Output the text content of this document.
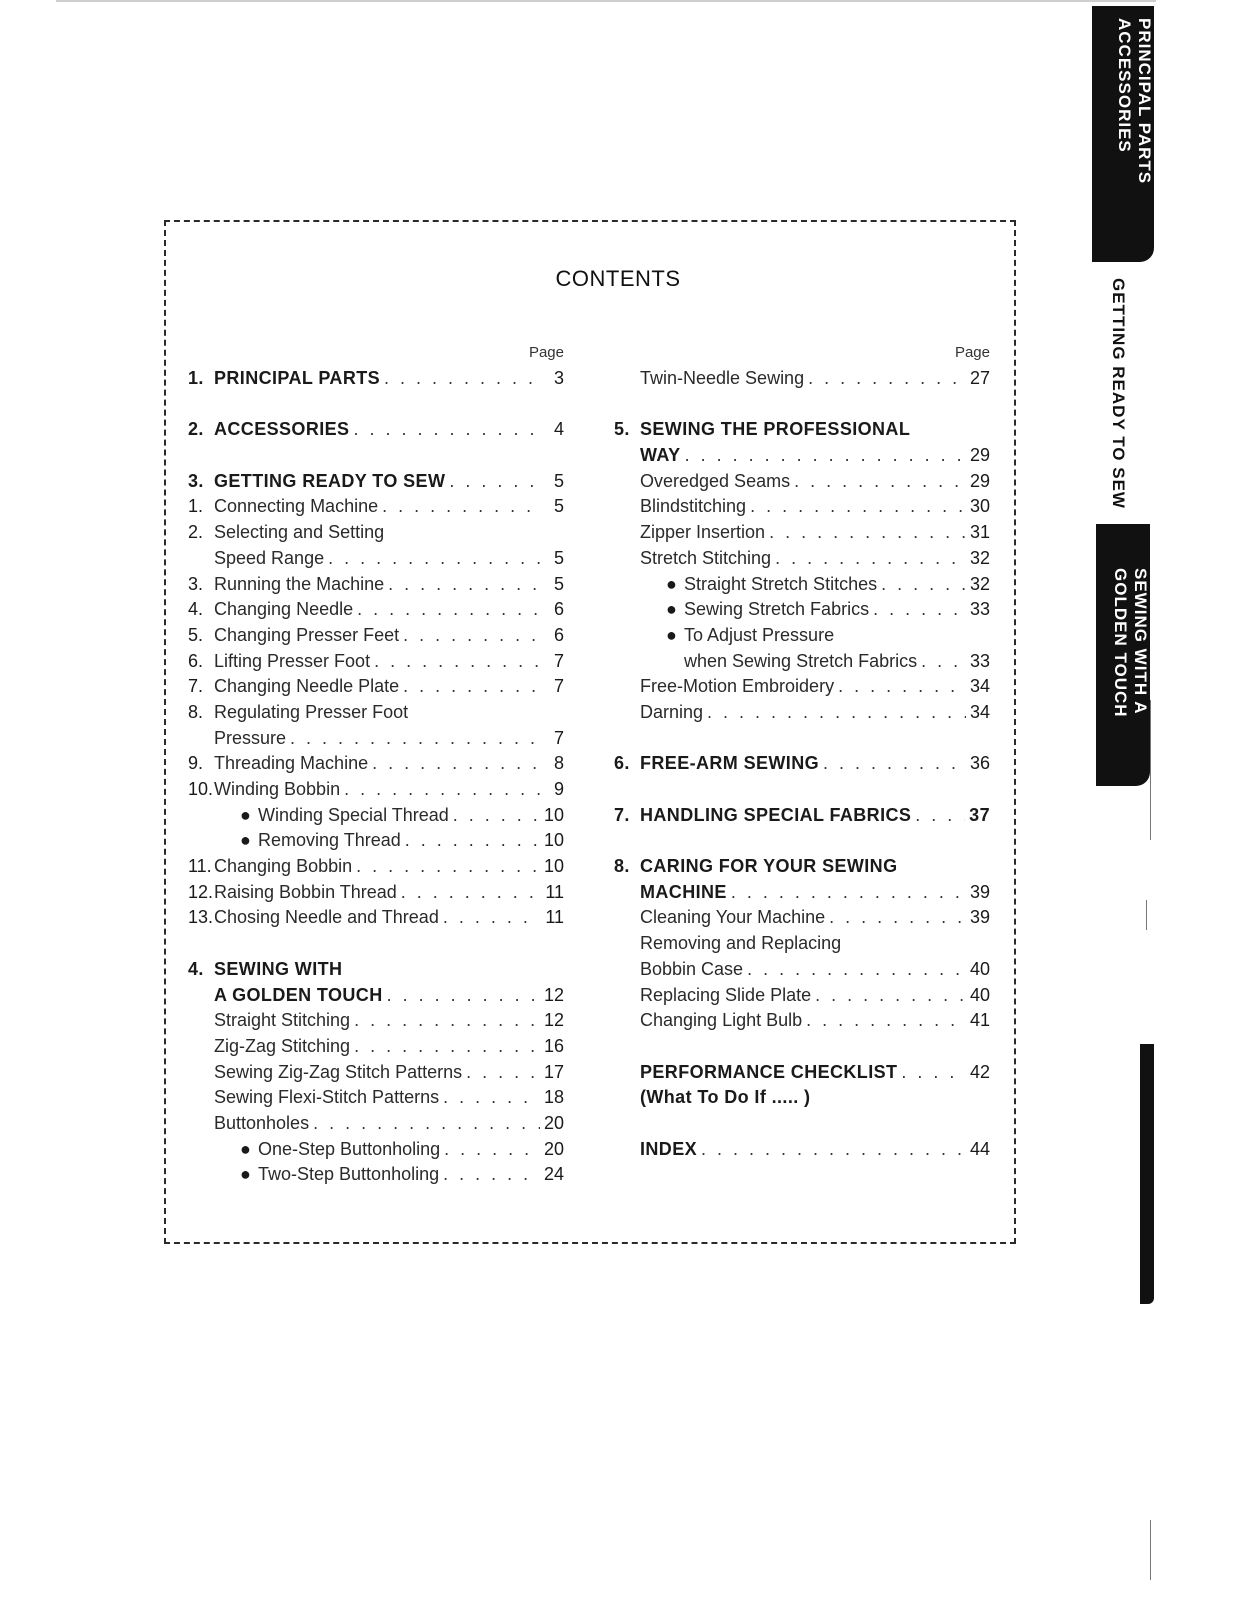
CONTENTS
Page
1. PRINCIPAL PARTS . . .	3
2. ACCESSORIES . . .	4
3. GETTING READY TO SEW . . .	5
1. Connecting Machine . . .	5
2. Selecting and Setting
Speed Range . . .	5
3. Running the Machine . . .	5
4. Changing Needle . . .	6
5. Changing Presser Feet . . .	6
6. Lifting Presser Foot . . .	7
7. Changing Needle Plate . . .	7
8. Regulating Presser Foot
Pressure . . .	7
9. Threading Machine . . .	8
10. Winding Bobbin . . .	9
● Winding Special Thread . . .	10
● Removing Thread . . .	10
11. Changing Bobbin . . .	10
12. Raising Bobbin Thread . . .	11
13. Chosing Needle and Thread . . .	11
4. SEWING WITH
A GOLDEN TOUCH . . .	12
Straight Stitching . . .	12
Zig-Zag Stitching . . .	16
Sewing Zig-Zag Stitch Patterns . . .	17
Sewing Flexi-Stitch Patterns . . .	18
Buttonholes . . .	20
● One-Step Buttonholing . . .	20
● Two-Step Buttonholing . . .	24
Page
Twin-Needle Sewing . . .	27
5. SEWING THE PROFESSIONAL
WAY . . .	29
Overedged Seams . . .	29
Blindstitching . . .	30
Zipper Insertion . . .	31
Stretch Stitching . . .	32
● Straight Stretch Stitches . . .	32
● Sewing Stretch Fabrics . . .	33
● To Adjust Pressure
when Sewing Stretch Fabrics . . .	33
Free-Motion Embroidery . . .	34
Darning . . .	34
6. FREE-ARM SEWING . . .	36
7. HANDLING SPECIAL FABRICS . . .	37
8. CARING FOR YOUR SEWING
MACHINE . . .	39
Cleaning Your Machine . . .	39
Removing and Replacing
Bobbin Case . . .	40
Replacing Slide Plate . . .	40
Changing Light Bulb . . .	41
PERFORMANCE CHECKLIST . . .	42
(What To Do If ..... )
INDEX . . .	44
PRINCIPAL PARTS
ACCESSORIES
GETTING READY TO SEW
SEWING WITH A
GOLDEN TOUCH
